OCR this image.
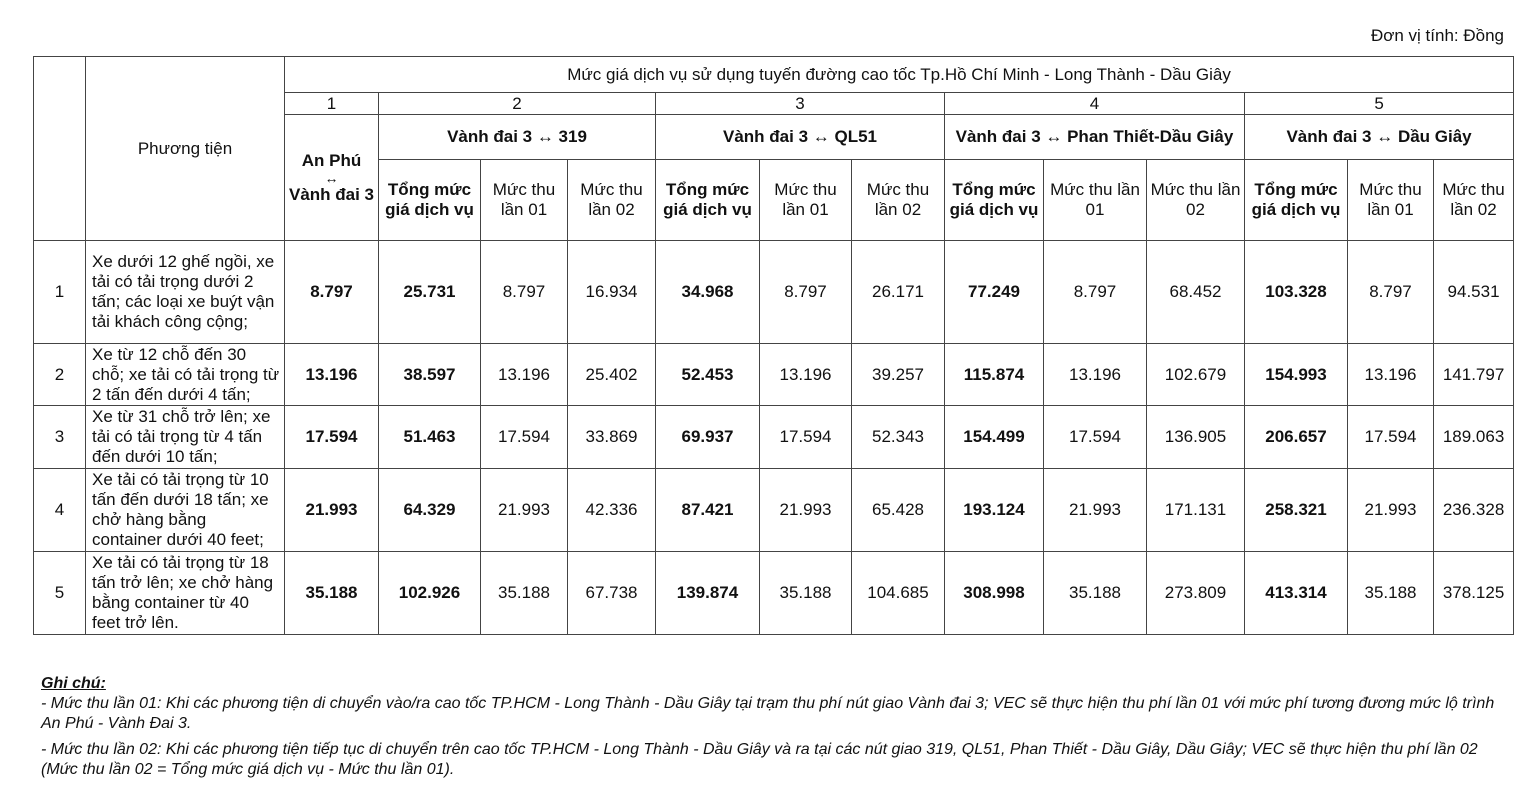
Đơn vị tính: Đồng
	Phương tiện	Mức giá dịch vụ sử dụng tuyến đường cao tốc Tp.Hồ Chí Minh - Long Thành - Dầu Giây												
		1	2			3			4			5		

		An Phú
↔
Vành đai 3	Vành đai 3 ↔ 319			Vành đai 3 ↔ QL51			Vành đai 3 ↔ Phan Thiết-Dầu Giây			Vành đai 3 ↔ Dầu Giây		
			Tổng mức giá dịch vụ	Mức thu lần 01	Mức thu lần 02	Tổng mức giá dịch vụ	Mức thu lần 01	Mức thu lần 02	Tổng mức giá dịch vụ	Mức thu lần 01	Mức thu lần 02	Tổng mức giá dịch vụ	Mức thu lần 01	Mức thu lần 02
1	Xe dưới 12 ghế ngồi, xe tải có tải trọng dưới 2 tấn; các loại xe buýt vận tải khách công cộng;	8.797	25.731	8.797	16.934	34.968	8.797	26.171	77.249	8.797	68.452	103.328	8.797	94.531
2	Xe từ 12 chỗ đến 30 chỗ; xe tải có tải trọng từ 2 tấn đến dưới 4 tấn;	13.196	38.597	13.196	25.402	52.453	13.196	39.257	115.874	13.196	102.679	154.993	13.196	141.797
3	Xe từ 31 chỗ trở lên; xe tải có tải trọng từ 4 tấn đến dưới 10 tấn;	17.594	51.463	17.594	33.869	69.937	17.594	52.343	154.499	17.594	136.905	206.657	17.594	189.063
4	Xe tải có tải trọng từ 10 tấn đến dưới 18 tấn; xe chở hàng bằng container dưới 40 feet;	21.993	64.329	21.993	42.336	87.421	21.993	65.428	193.124	21.993	171.131	258.321	21.993	236.328
5	Xe tải có tải trọng từ 18 tấn trở lên; xe chở hàng bằng container từ 40 feet trở lên.	35.188	102.926	35.188	67.738	139.874	35.188	104.685	308.998	35.188	273.809	413.314	35.188	378.125
Ghi chú:

- Mức thu lần 01: Khi các phương tiện di chuyển vào/ra cao tốc TP.HCM - Long Thành - Dầu Giây tại trạm thu phí nút giao Vành đai 3; VEC sẽ thực hiện thu phí lần 01 với mức phí tương đương mức lộ trình An Phú - Vành Đai 3.

- Mức thu lần 02: Khi các phương tiện tiếp tục di chuyển trên cao tốc TP.HCM - Long Thành - Dầu Giây và ra tại các nút giao 319, QL51, Phan Thiết - Dầu Giây, Dầu Giây; VEC sẽ thực hiện thu phí lần 02 (Mức thu lần 02 = Tổng mức giá dịch vụ - Mức thu lần 01).
